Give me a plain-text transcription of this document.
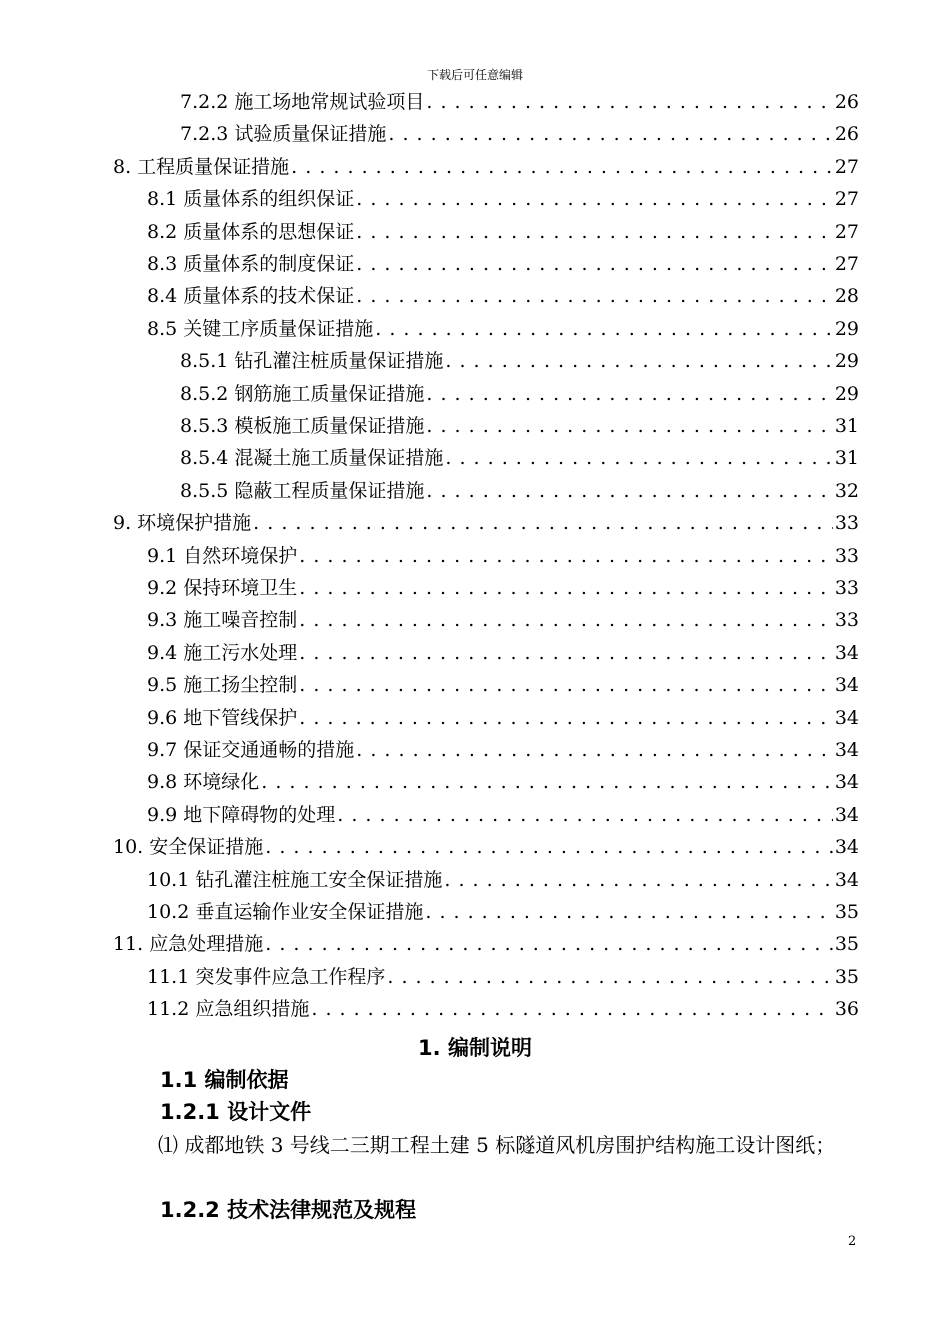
下载后可任意编辑
7.2.2 施工场地常规试验项目 . . .	26
7.2.3 试验质量保证措施 . . .	26
8. 工程质量保证措施 . . .	27
8.1 质量体系的组织保证 . . .	27
8.2 质量体系的思想保证 . . .	27
8.3 质量体系的制度保证 . . .	27
8.4 质量体系的技术保证 . . .	28
8.5 关键工序质量保证措施 . . .	29
8.5.1 钻孔灌注桩质量保证措施 . . .	29
8.5.2 钢筋施工质量保证措施 . . .	29
8.5.3 模板施工质量保证措施 . . .	31
8.5.4 混凝土施工质量保证措施 . . .	31
8.5.5 隐蔽工程质量保证措施 . . .	32
9. 环境保护措施 . . .	33
9.1 自然环境保护 . . .	33
9.2 保持环境卫生 . . .	33
9.3 施工噪音控制 . . .	33
9.4 施工污水处理 . . .	34
9.5 施工扬尘控制 . . .	34
9.6 地下管线保护 . . .	34
9.7 保证交通通畅的措施 . . .	34
9.8 环境绿化 . . .	34
9.9 地下障碍物的处理 . . .	34
10. 安全保证措施 . . .	34
10.1 钻孔灌注桩施工安全保证措施 . . .	34
10.2 垂直运输作业安全保证措施 . . .	35
11. 应急处理措施 . . .	35
11.1 突发事件应急工作程序 . . .	35
11.2 应急组织措施 . . .	36
1. 编制说明
1.1 编制依据
1.2.1 设计文件
⑴ 成都地铁 3 号线二三期工程土建 5 标隧道风机房围护结构施工设计图纸；
1.2.2 技术法律规范及规程
2
